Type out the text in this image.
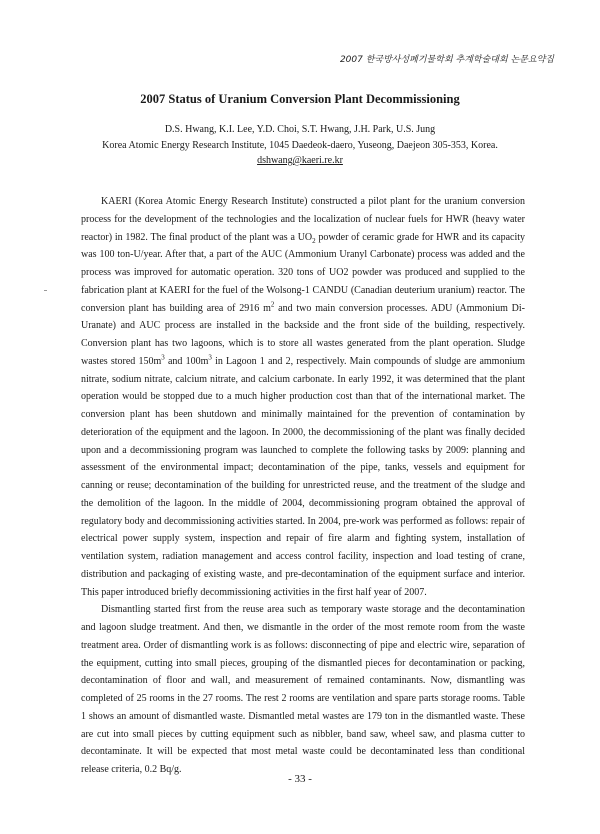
2007 한국방사성폐기물학회 추계학술대회 논문요약집
2007 Status of Uranium Conversion Plant Decommissioning
D.S. Hwang, K.I. Lee, Y.D. Choi, S.T. Hwang, J.H. Park, U.S. Jung
Korea Atomic Energy Research Institute, 1045 Daedeok-daero, Yuseong, Daejeon 305-353, Korea.
dshwang@kaeri.re.kr

KAERI (Korea Atomic Energy Research Institute) constructed a pilot plant for the uranium conversion process for the development of the technologies and the localization of nuclear fuels for HWR (heavy water reactor) in 1982. The final product of the plant was a $UO_2$ powder of ceramic grade for HWR and its capacity was 100 ton-U/year. After that, a part of the AUC (Ammonium Uranyl Carbonate) process was added and the process was improved for automatic operation. 320 tons of UO2 powder was produced and supplied to the fabrication plant at KAERI for the fuel of the Wolsong-1 CANDU (Canadian deuterium uranium) reactor. The conversion plant has building area of 2916 $m^2$ and two main conversion processes. ADU (Ammonium Di-Uranate) and AUC process are installed in the backside and the front side of the building, respectively. Conversion plant has two lagoons, which is to store all wastes generated from the plant operation. Sludge wastes stored $150m^3$ and $100m^3$ in Lagoon 1 and 2, respectively. Main compounds of sludge are ammonium nitrate, sodium nitrate, calcium nitrate, and calcium carbonate. In early 1992, it was determined that the plant operation would be stopped due to a much higher production cost than that of the international market. The conversion plant has been shutdown and minimally maintained for the prevention of contamination by deterioration of the equipment and the lagoon. In 2000, the decommissioning of the plant was finally decided upon and a decommissioning program was launched to complete the following tasks by 2009: planning and assessment of the environmental impact; decontamination of the pipe, tanks, vessels and equipment for canning or reuse; decontamination of the building for unrestricted reuse, and the treatment of the sludge and the demolition of the lagoon. In the middle of 2004, decommissioning program obtained the approval of regulatory body and decommissioning activities started. In 2004, pre-work was performed as follows: repair of electrical power supply system, inspection and repair of fire alarm and fighting system, installation of ventilation system, radiation management and access control facility, inspection and load testing of crane, distribution and packaging of existing waste, and pre-decontamination of the equipment surface and interior. This paper introduced briefly decommissioning activities in the first half year of 2007.

Dismantling started first from the reuse area such as temporary waste storage and the decontamination and lagoon sludge treatment. And then, we dismantle in the order of the most remote room from the waste treatment area. Order of dismantling work is as follows: disconnecting of pipe and electric wire, separation of the equipment, cutting into small pieces, grouping of the dismantled pieces for decontamination or packing, decontamination of floor and wall, and measurement of remained contaminants. Now, dismantling was completed of 25 rooms in the 27 rooms. The rest 2 rooms are ventilation and spare parts storage rooms. Table 1 shows an amount of dismantled waste. Dismantled metal wastes are 179 ton in the dismantled waste. These are cut into small pieces by cutting equipment such as nibbler, band saw, wheel saw, and plasma cutter to decontaminate. It will be expected that most metal waste could be decontaminated less than conditional release criteria, 0.2 Bq/g.

- 33 -
